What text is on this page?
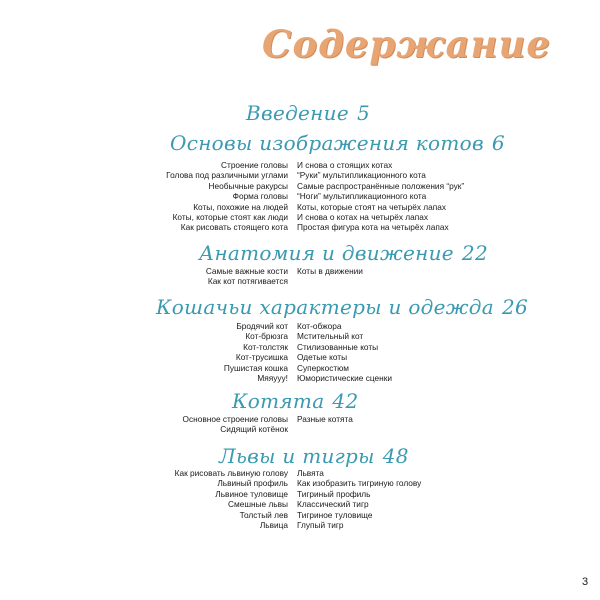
Содержание
Введение 5
Основы изображения котов 6
Строение головы
Голова под различными углами
Необычные ракурсы
Форма головы
Коты, похожие на людей
Коты, которые стоят как люди
Как рисовать стоящего кота
И снова о стоящих котах
“Руки” мультипликационного кота
Самые распространённые положения “рук”
“Ноги” мультипликационного кота
Коты, которые стоят на четырёх лапах
И снова о котах на четырёх лапах
Простая фигура кота на четырёх лапах
Анатомия и движение 22
Самые важные кости
Как кот потягивается
Коты в движении
Кошачьи характеры и одежда 26
Бродячий кот
Кот-брюзга
Кот-толстяк
Кот-трусишка
Пушистая кошка
Мяяууу!
Кот-обжора
Мстительный кот
Стилизованные коты
Одетые коты
Суперкостюм
Юмористические сценки
Котята 42
Основное строение головы
Сидящий котёнок
Разные котята
Львы и тигры 48
Как рисовать львиную голову
Львиный профиль
Львиное туловище
Смешные львы
Толстый лев
Львица
Львята
Как изобразить тигриную голову
Тигриный профиль
Классический тигр
Тигриное туловище
Глупый тигр
3
